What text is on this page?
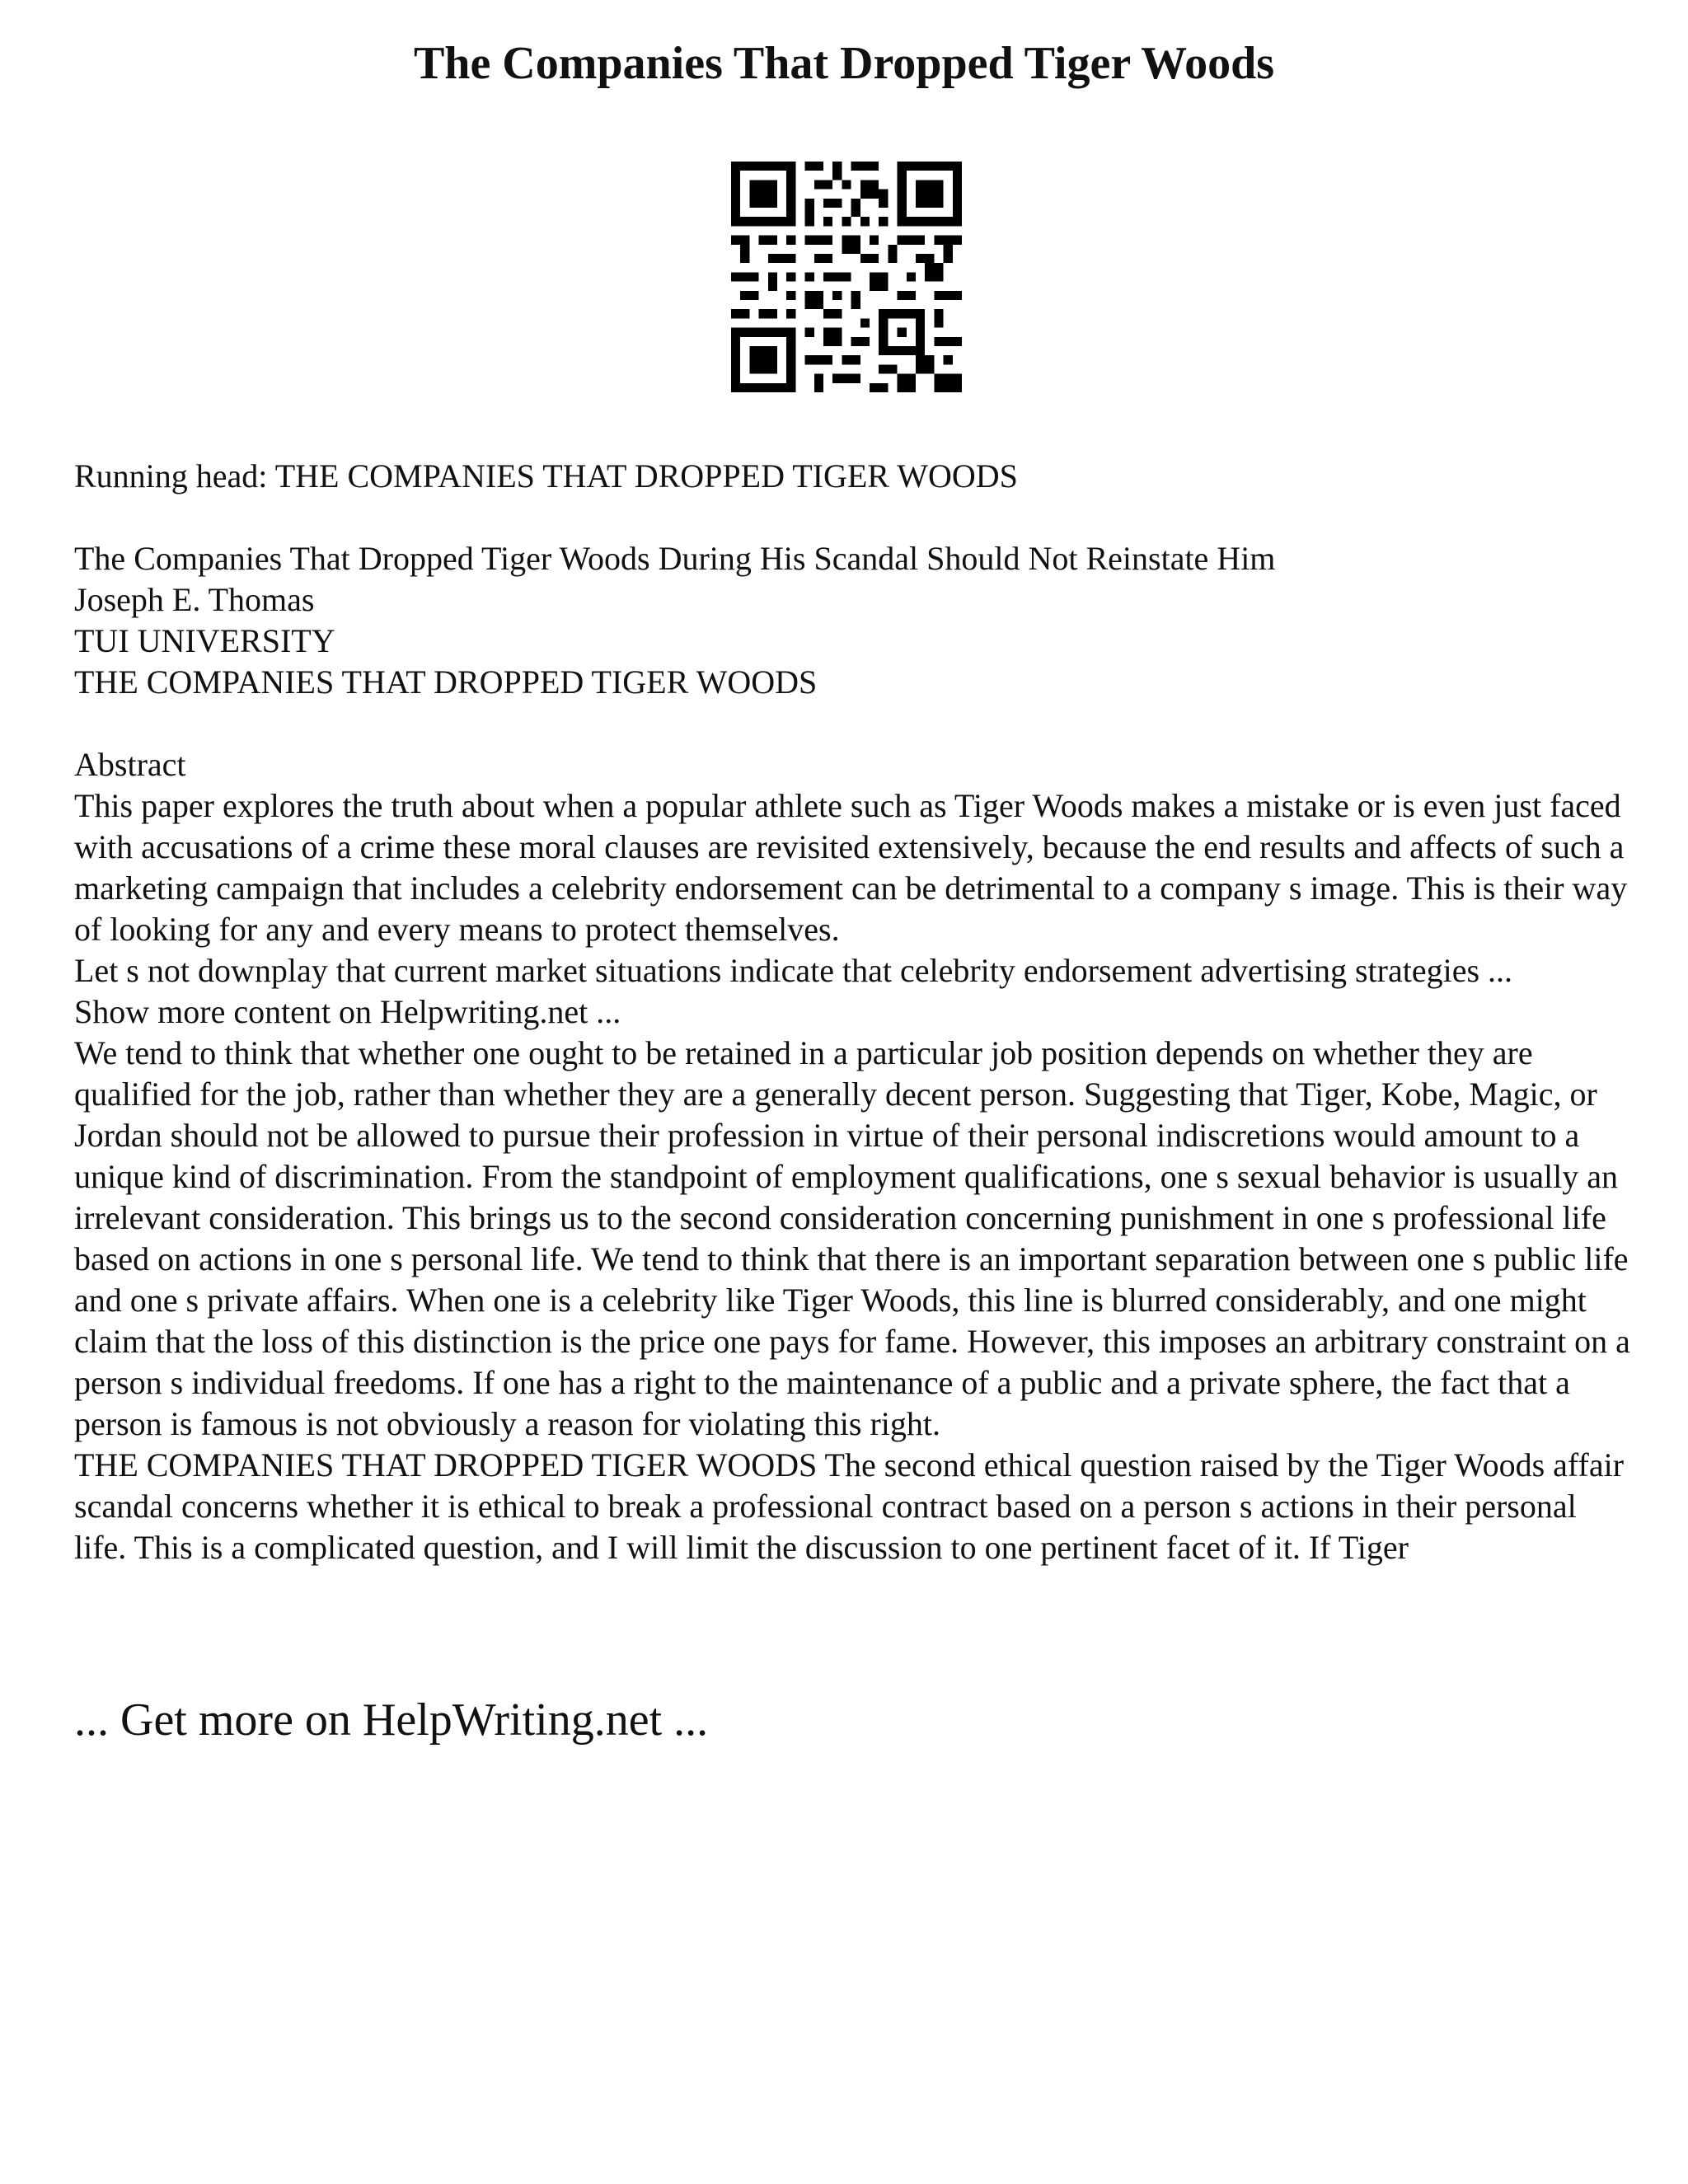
The Companies That Dropped Tiger Woods
Running head: THE COMPANIES THAT DROPPED TIGER WOODS
The Companies That Dropped Tiger Woods During His Scandal Should Not Reinstate Him
Joseph E. Thomas
TUI UNIVERSITY
THE COMPANIES THAT DROPPED TIGER WOODS
Abstract
This paper explores the truth about when a popular athlete such as Tiger Woods makes a mistake or is even just faced with accusations of a crime these moral clauses are revisited extensively, because the end results and affects of such a marketing campaign that includes a celebrity endorsement can be detrimental to a company s image. This is their way of looking for any and every means to protect themselves.
Let s not downplay that current market situations indicate that celebrity endorsement advertising strategies ...
Show more content on Helpwriting.net ...
We tend to think that whether one ought to be retained in a particular job position depends on whether they are qualified for the job, rather than whether they are a generally decent person. Suggesting that Tiger, Kobe, Magic, or Jordan should not be allowed to pursue their profession in virtue of their personal indiscretions would amount to a unique kind of discrimination. From the standpoint of employment qualifications, one s sexual behavior is usually an irrelevant consideration. This brings us to the second consideration concerning punishment in one s professional life based on actions in one s personal life. We tend to think that there is an important separation between one s public life and one s private affairs. When one is a celebrity like Tiger Woods, this line is blurred considerably, and one might claim that the loss of this distinction is the price one pays for fame. However, this imposes an arbitrary constraint on a person s individual freedoms. If one has a right to the maintenance of a public and a private sphere, the fact that a person is famous is not obviously a reason for violating this right.
THE COMPANIES THAT DROPPED TIGER WOODS The second ethical question raised by the Tiger Woods affair scandal concerns whether it is ethical to break a professional contract based on a person s actions in their personal life. This is a complicated question, and I will limit the discussion to one pertinent facet of it. If Tiger
... Get more on HelpWriting.net ...
